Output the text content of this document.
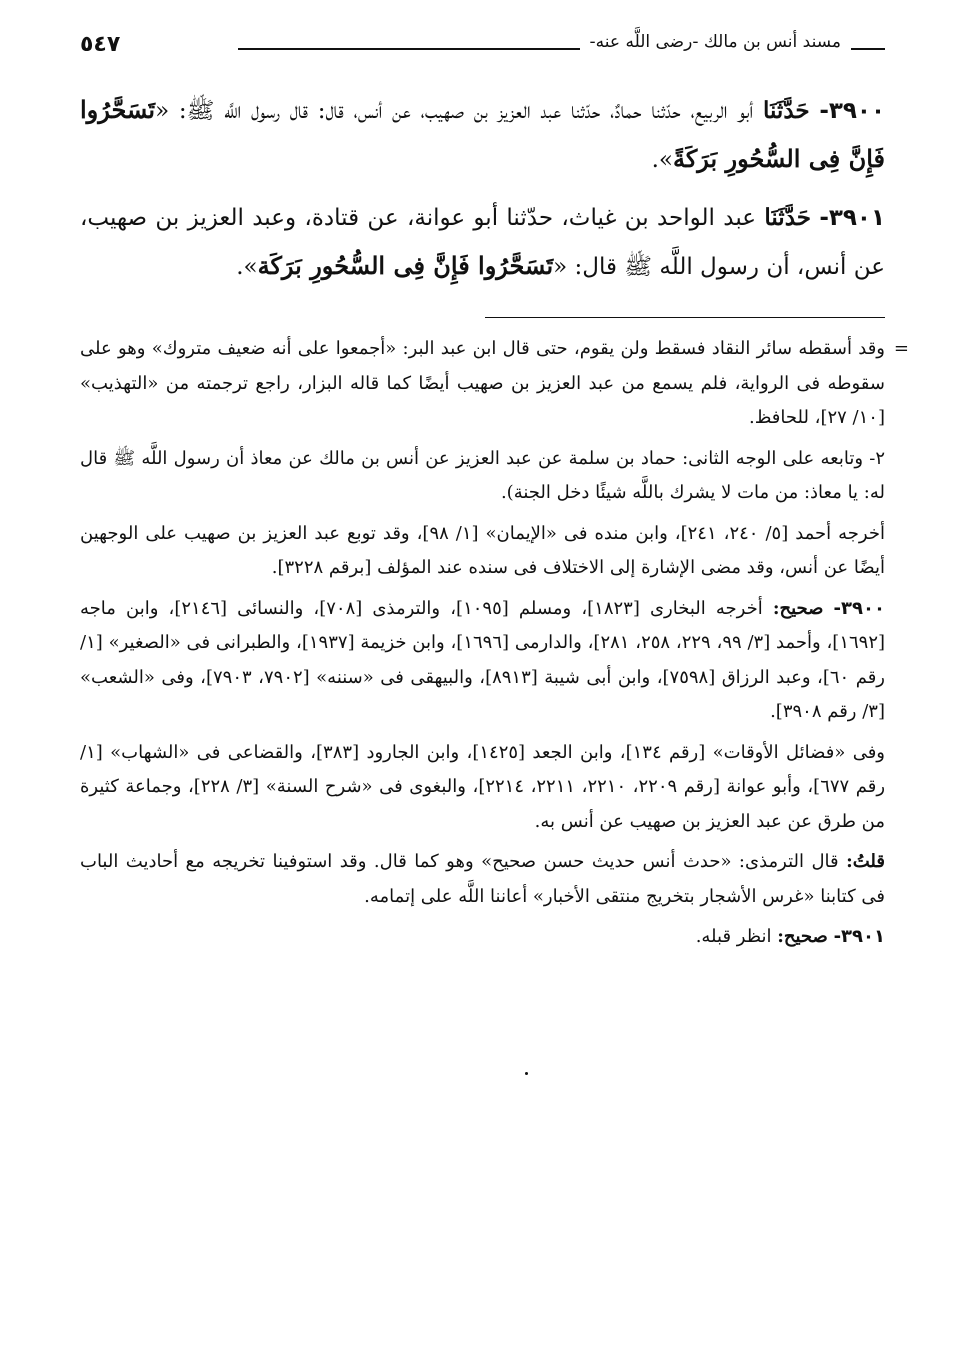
مسند أنس بن مالك -رضى اللَّه عنه-
٥٤٧

٣٩٠٠- حَدَّثَنَا أبو الربيع، حدّثنا حمادٌ، حدّثنا عبد العزيز بن صهيب، عن أنس، قال: قال رسول اللَّه ﷺ: «تَسَحَّرُوا فَإِنَّ فِى السُّحُورِ بَرَكَةً».

٣٩٠١- حَدَّثَنَا عبد الواحد بن غياث، حدّثنا أبو عوانة، عن قتادة، وعبد العزيز بن صهيب، عن أنس، أن رسول اللَّه ﷺ قال: «تَسَحَّرُوا فَإِنَّ فِى السُّحُورِ بَرَكَة».

=
وقد أسقطه سائر النقاد فسقط ولن يقوم، حتى قال ابن عبد البر: «أجمعوا على أنه ضعيف متروك» وهو على سقوطه فى الرواية، فلم يسمع من عبد العزيز بن صهيب أيضًا كما قاله البزار، راجع ترجمته من «التهذيب» [١٠/ ٢٧]، للحافظ.

٢- وتابعه على الوجه الثانى: حماد بن سلمة عن عبد العزيز عن أنس بن مالك عن معاذ أن رسول اللَّه ﷺ قال له: يا معاذ: من مات لا يشرك باللَّه شيئًا دخل الجنة).

أخرجه أحمد [٥/ ٢٤٠، ٢٤١]، وابن منده فى «الإيمان» [١/ ٩٨]، وقد توبع عبد العزيز بن صهيب على الوجهين أيضًا عن أنس، وقد مضى الإشارة إلى الاختلاف فى سنده عند المؤلف [برقم ٣٢٢٨].

٣٩٠٠- صحيح: أخرجه البخارى [١٨٢٣]، ومسلم [١٠٩٥]، والترمذى [٧٠٨]، والنسائى [٢١٤٦]، وابن ماجه [١٦٩٢]، وأحمد [٣/ ٩٩، ٢٢٩، ٢٥٨، ٢٨١]، والدارمى [١٦٩٦]، وابن خزيمة [١٩٣٧]، والطبرانى فى «الصغير» [١/ رقم ٦٠]، وعبد الرزاق [٧٥٩٨]، وابن أبى شيبة [٨٩١٣]، والبيهقى فى «سننه» [٧٩٠٢، ٧٩٠٣]، وفى «الشعب» [٣/ رقم ٣٩٠٨].

وفى «فضائل الأوقات» [رقم ١٣٤]، وابن الجعد [١٤٢٥]، وابن الجارود [٣٨٣]، والقضاعى فى «الشهاب» [١/ رقم ٦٧٧]، وأبو عوانة [رقم ٢٢٠٩، ٢٢١٠، ٢٢١١، ٢٢١٤]، والبغوى فى «شرح السنة» [٣/ ٢٢٨]، وجماعة كثيرة من طرق عن عبد العزيز بن صهيب عن أنس به.

قلتُ: قال الترمذى: «حدث أنس حديث حسن صحيح» وهو كما قال. وقد استوفينا تخريجه مع أحاديث الباب فى كتابنا «غرس الأشجار بتخريج منتقى الأخبار» أعاننا اللَّه على إتمامه.

٣٩٠١- صحيح: انظر قبله.
